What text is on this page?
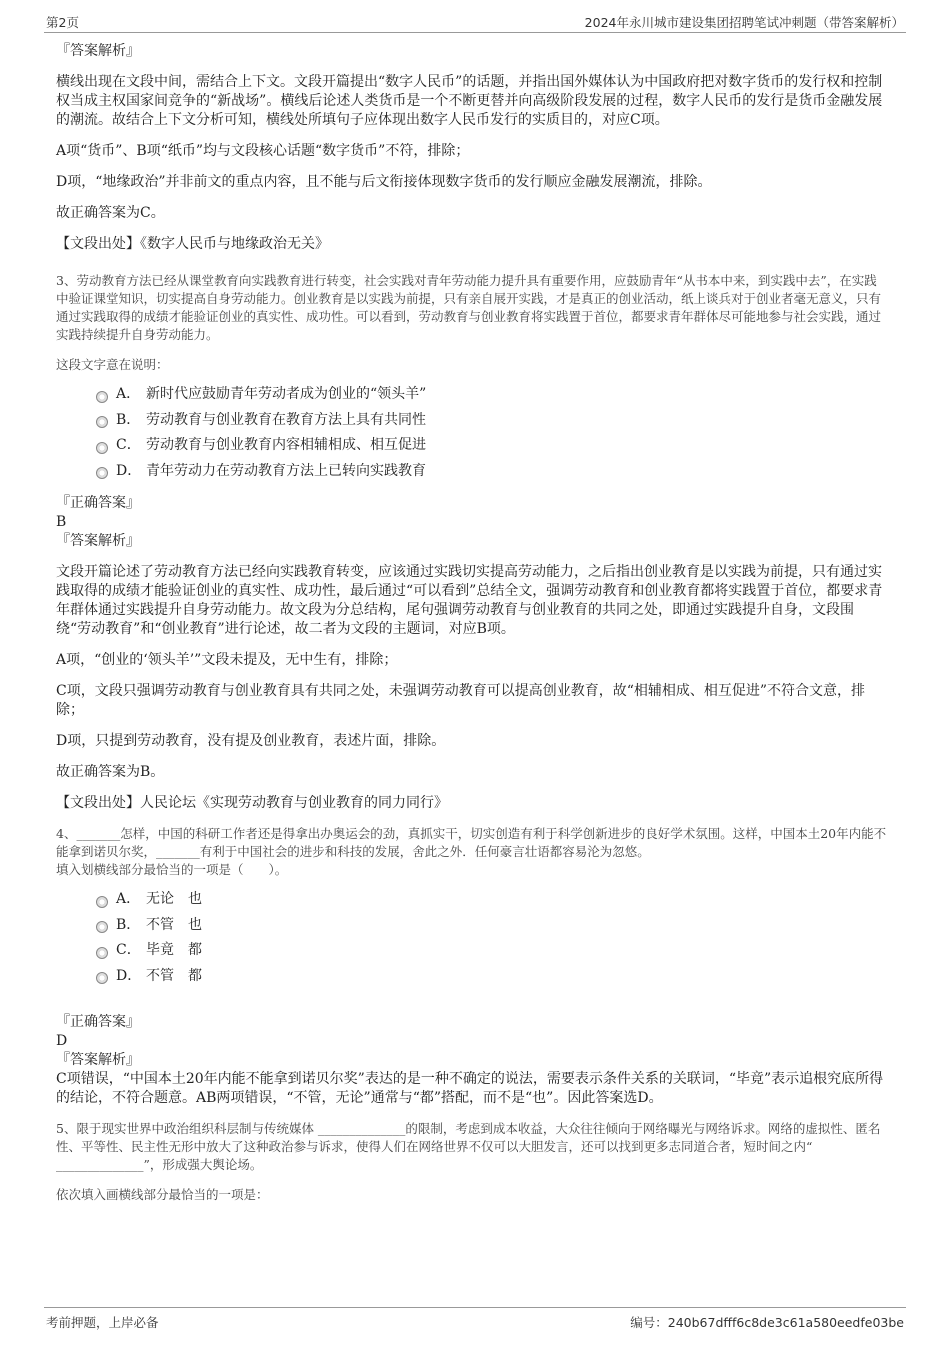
第2页	2024年永川城市建设集团招聘笔试冲刺题（带答案解析）
『答案解析』
横线出现在文段中间，需结合上下文。文段开篇提出“数字人民币”的话题，并指出国外媒体认为中国政府把对数字货币的发行权和控制权当成主权国家间竞争的“新战场”。横线后论述人类货币是一个不断更替并向高级阶段发展的过程，数字人民币的发行是货币金融发展的潮流。故结合上下文分析可知，横线处所填句子应体现出数字人民币发行的实质目的，对应C项。
A项“货币”、B项“纸币”均与文段核心话题“数字货币”不符，排除；
D项，“地缘政治”并非前文的重点内容，且不能与后文衔接体现数字货币的发行顺应金融发展潮流，排除。
故正确答案为C。
【文段出处】《数字人民币与地缘政治无关》
3、劳动教育方法已经从课堂教育向实践教育进行转变，社会实践对青年劳动能力提升具有重要作用，应鼓励青年“从书本中来，到实践中去”，在实践中验证课堂知识，切实提高自身劳动能力。创业教育是以实践为前提，只有亲自展开实践，才是真正的创业活动，纸上谈兵对于创业者毫无意义，只有通过实践取得的成绩才能验证创业的真实性、成功性。可以看到，劳动教育与创业教育将实践置于首位，都要求青年群体尽可能地参与社会实践，通过实践持续提升自身劳动能力。
这段文字意在说明：
A． 新时代应鼓励青年劳动者成为创业的“领头羊”
B． 劳动教育与创业教育在教育方法上具有共同性
C． 劳动教育与创业教育内容相辅相成、相互促进
D． 青年劳动力在劳动教育方法上已转向实践教育
『正确答案』
B
『答案解析』
文段开篇论述了劳动教育方法已经向实践教育转变，应该通过实践切实提高劳动能力，之后指出创业教育是以实践为前提，只有通过实践取得的成绩才能验证创业的真实性、成功性，最后通过“可以看到”总结全文，强调劳动教育和创业教育都将实践置于首位，都要求青年群体通过实践提升自身劳动能力。故文段为分总结构，尾句强调劳动教育与创业教育的共同之处，即通过实践提升自身，文段围绕“劳动教育”和“创业教育”进行论述，故二者为文段的主题词，对应B项。
A项，“创业的‘领头羊’”文段未提及，无中生有，排除；
C项，文段只强调劳动教育与创业教育具有共同之处，未强调劳动教育可以提高创业教育，故“相辅相成、相互促进”不符合文意，排除；
D项，只提到劳动教育，没有提及创业教育，表述片面，排除。
故正确答案为B。
【文段出处】人民论坛《实现劳动教育与创业教育的同力同行》
4、_______怎样，中国的科研工作者还是得拿出办奥运会的劲，真抓实干，切实创造有利于科学创新进步的良好学术氛围。这样，中国本土20年内能不能拿到诺贝尔奖，_______有利于中国社会的进步和科技的发展，舍此之外．任何豪言壮语都容易沦为忽悠。
填入划横线部分最恰当的一项是（　　）。
A． 无论　也
B． 不管　也
C． 毕竟　都
D． 不管　都
『正确答案』
D
『答案解析』
C项错误，“中国本土20年内能不能拿到诺贝尔奖”表达的是一种不确定的说法，需要表示条件关系的关联词，“毕竟”表示追根究底所得的结论，不符合题意。AB两项错误，“不管，无论”通常与“都”搭配，而不是“也”。因此答案选D。
5、限于现实世界中政治组织科层制与传统媒体 ______________的限制，考虑到成本收益，大众往往倾向于网络曝光与网络诉求。网络的虚拟性、匿名性、平等性、民主性无形中放大了这种政治参与诉求，使得人们在网络世界不仅可以大胆发言，还可以找到更多志同道合者，短时间之内“ ______________”，形成强大舆论场。
依次填入画横线部分最恰当的一项是：
考前押题，上岸必备	编号：240b67dfff6c8de3c61a580eedfe03be
